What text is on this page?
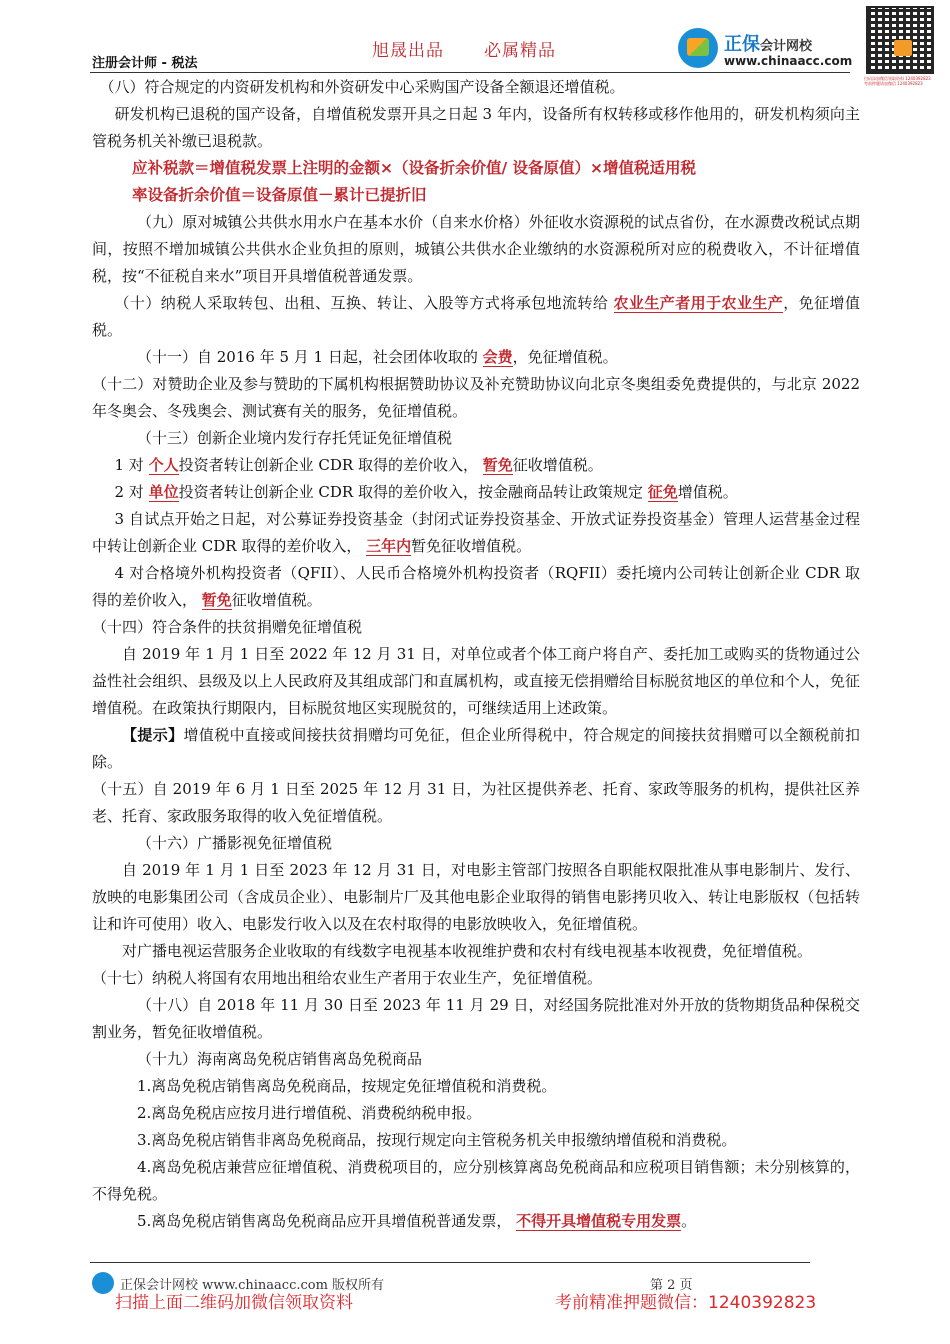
旭晟出品 必属精品
注册会计师 - 税法
正保会计网校
www.chinaacc.com
扫码添加微信领取资料 1240392823 考前押题请加微信 1240392823

（八）符合规定的内资研发机构和外资研发中心采购国产设备全额退还增值税。

研发机构已退税的国产设备，自增值税发票开具之日起 3 年内，设备所有权转移或移作他用的，研发机构须向主管税务机关补缴已退税款。

应补税款＝增值税发票上注明的金额×（设备折余价值/ 设备原值）×增值税适用税

率设备折余价值＝设备原值－累计已提折旧

（九）原对城镇公共供水用水户在基本水价（自来水价格）外征收水资源税的试点省份，在水源费改税试点期间，按照不增加城镇公共供水企业负担的原则，城镇公共供水企业缴纳的水资源税所对应的税费收入，不计征增值税，按“不征税自来水”项目开具增值税普通发票。

（十）纳税人采取转包、出租、互换、转让、入股等方式将承包地流转给 农业生产者用于农业生产，免征增值税。

（十一）自 2016 年 5 月 1 日起，社会团体收取的 会费，免征增值税。

（十二）对赞助企业及参与赞助的下属机构根据赞助协议及补充赞助协议向北京冬奥组委免费提供的，与北京 2022 年冬奥会、冬残奥会、测试赛有关的服务，免征增值税。

（十三）创新企业境内发行存托凭证免征增值税

1 对 个人投资者转让创新企业 CDR 取得的差价收入， 暂免征收增值税。

2 对 单位投资者转让创新企业 CDR 取得的差价收入，按金融商品转让政策规定 征免增值税。

3 自试点开始之日起，对公募证券投资基金（封闭式证券投资基金、开放式证券投资基金）管理人运营基金过程中转让创新企业 CDR 取得的差价收入， 三年内暂免征收增值税。

4 对合格境外机构投资者（QFII）、人民币合格境外机构投资者（RQFII）委托境内公司转让创新企业 CDR 取得的差价收入， 暂免征收增值税。

（十四）符合条件的扶贫捐赠免征增值税

自 2019 年 1 月 1 日至 2022 年 12 月 31 日，对单位或者个体工商户将自产、委托加工或购买的货物通过公益性社会组织、县级及以上人民政府及其组成部门和直属机构，或直接无偿捐赠给目标脱贫地区的单位和个人，免征增值税。在政策执行期限内，目标脱贫地区实现脱贫的，可继续适用上述政策。

【提示】增值税中直接或间接扶贫捐赠均可免征，但企业所得税中，符合规定的间接扶贫捐赠可以全额税前扣除。

（十五）自 2019 年 6 月 1 日至 2025 年 12 月 31 日，为社区提供养老、托育、家政等服务的机构，提供社区养老、托育、家政服务取得的收入免征增值税。

（十六）广播影视免征增值税

自 2019 年 1 月 1 日至 2023 年 12 月 31 日，对电影主管部门按照各自职能权限批准从事电影制片、发行、放映的电影集团公司（含成员企业）、电影制片厂及其他电影企业取得的销售电影拷贝收入、转让电影版权（包括转让和许可使用）收入、电影发行收入以及在农村取得的电影放映收入，免征增值税。

对广播电视运营服务企业收取的有线数字电视基本收视维护费和农村有线电视基本收视费，免征增值税。

（十七）纳税人将国有农用地出租给农业生产者用于农业生产，免征增值税。

（十八）自 2018 年 11 月 30 日至 2023 年 11 月 29 日，对经国务院批准对外开放的货物期货品种保税交割业务，暂免征收增值税。

（十九）海南离岛免税店销售离岛免税商品

1.离岛免税店销售离岛免税商品，按规定免征增值税和消费税。

2.离岛免税店应按月进行增值税、消费税纳税申报。

3.离岛免税店销售非离岛免税商品，按现行规定向主管税务机关申报缴纳增值税和消费税。

4.离岛免税店兼营应征增值税、消费税项目的，应分别核算离岛免税商品和应税项目销售额；未分别核算的，不得免税。

5.离岛免税店销售离岛免税商品应开具增值税普通发票， 不得开具增值税专用发票。

正保会计网校 www.chinaacc.com 版权所有	第 2 页
扫描上面二维码加微信领取资料	考前精准押题微信：1240392823
